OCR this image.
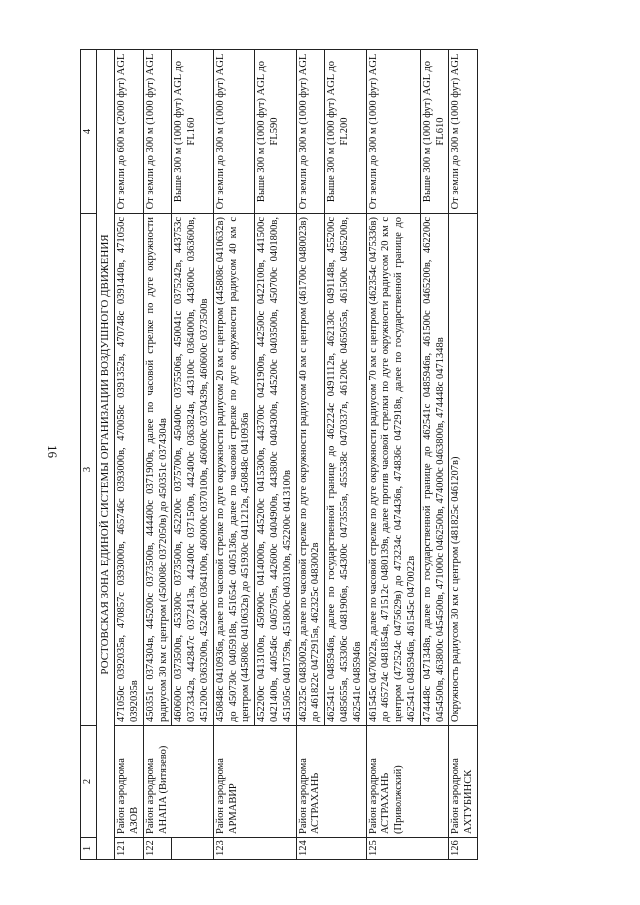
16
1	2	3	4
РОСТОВСКАЯ ЗОНА ЕДИНОЙ СИСТЕМЫ ОРГАНИЗАЦИИ ВОЗДУШНОГО ДВИЖЕНИЯ			
121	Район аэродрома АЗОВ	471050с 0392035в, 470857с 0393000в, 465746с 0393000в, 470058с 0391352в, 470748с 0391440в, 471050с 0392035в	От земли до 600 м (2000 фут) AGL
122	Район аэродрома АНАПА (Витязево)	450351с 0374304в, 445200с 0373500в, 444400с 0371900в, далее по часовой стрелке по дуге окружности радиусом 30 км с центром (450008с 0372050в) до 450351с 0374304в	От земли до 300 м (1000 фут) AGL
		460600с 0373500в, 453300с 0373500в, 452200с 0375700в, 450400с 0375506в, 450041с 0375242в, 443753с 0373342в, 442847с 0372413в, 442400с 0371500в, 442400с 0363824в, 443100с 0364000в, 443600с 0363600в, 451200с 0363200в, 452400с 0364100в, 460000с 0370100в, 460600с 0370439в, 460600с 0373500в	Выше 300 м (1000 фут) AGL до FL160
123	Район аэродрома АРМАВИР	450848с 0410936в, далее по часовой стрелке по дуге окружности радиусом 20 км с центром (445808с 0410632в) до 450730с 0405918в, 451654с 0405136в, далее по часовой стрелке по дуге окружности радиусом 40 км с центром (445808с 0410632в) до 451930с 0411212в, 450848с 0410936в	От земли до 300 м (1000 фут) AGL
		452200с 0413100в, 450900с 0414000в, 445200с 0415300в, 443700с 0421900в, 442500с 0422100в, 441500с 0421400в, 440546с 0405705в, 442600с 0404900в, 443800с 0404300в, 445200с 0403500в, 450700с 0401800в, 451505с 0401759в, 451800с 0403100в, 452200с 0413100в	Выше 300 м (1000 фут) AGL до FL590
124	Район аэродрома АСТРАХАНЬ	462325с 0483002в, далее по часовой стрелке по дуге окружности радиусом 40 км с центром (461700с 0480023в) до 461822с 0472915в, 462325с 0483002в	От земли до 300 м (1000 фут) AGL
		462541с 0485946в, далее по государственной границе до 462224с 0491112в, 462130с 0491148в, 455200с 0485655в, 453306с 0481906в, 454300с 0473555в, 455538с 0470337в, 461200с 0465055в, 461500с 0465200в, 462541с 0485946в	Выше 300 м (1000 фут) AGL до FL200
125	Район аэродрома АСТРАХАНЬ (Приволжский)	461545с 0470022в, далее по часовой стрелке по дуге окружности радиусом 70 км с центром (462354с 0475336в) до 465724с 0481854в, 471512с 0480139в, далее против часовой стрелки по дуге окружности радиусом 20 км с центром (472524с 0475629в) до 473234с 0474436в, 474836с 0472918в, далее по государственной границе до 462541с 0485946в, 461545с 0470022в	От земли до 300 м (1000 фут) AGL
		474448с 0471348в, далее по государственной границе до 462541с 0485946в, 461500с 0465200в, 462200с 0454500в, 463800с 0454500в, 471000с 0462500в, 474000с 0463800в, 474448с 0471348в	Выше 300 м (1000 фут) AGL до FL610
126	Район аэродрома АХТУБИНСК	Окружность радиусом 30 км с центром (481825с 0461207в)	От земли до 300 м (1000 фут) AGL
